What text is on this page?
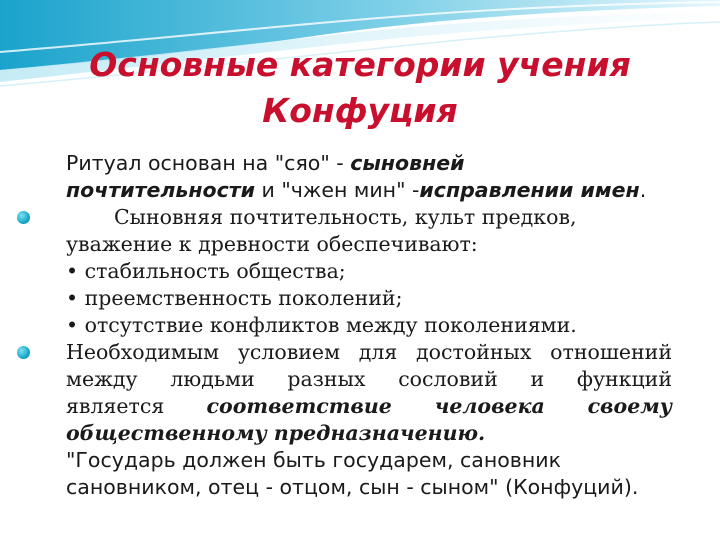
Основные категории учения
Конфуция
Ритуал основан на "сяо" - сыновней
почтительности и "чжен мин" -исправлении имен.
Сыновняя почтительность, культ предков,
уважение к древности обеспечивают:
• стабильность общества;
• преемственность поколений;
• отсутствие конфликтов между поколениями.
Необходимым условием для достойных отношений
между людьми разных сословий и функций
является соответствие человека своему
общественному предназначению.
"Государь должен быть государем, сановник
сановником, отец - отцом, сын - сыном" (Конфуций).
